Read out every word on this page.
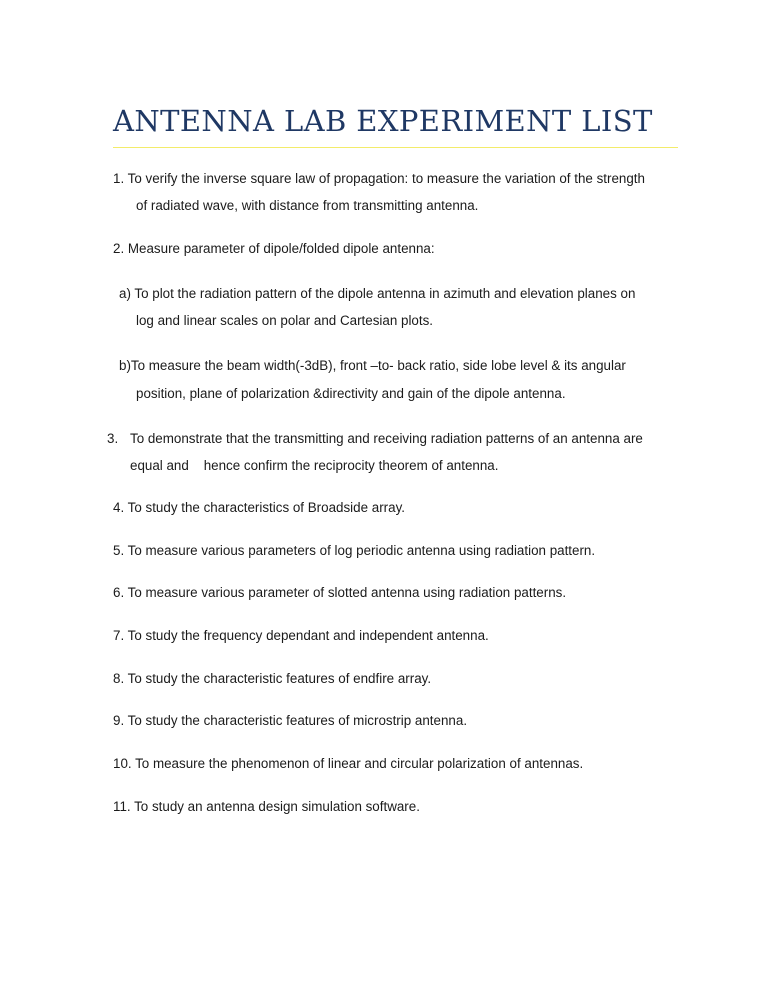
ANTENNA LAB EXPERIMENT LIST

1. To verify the inverse square law of propagation: to measure the variation of the strength

of radiated wave, with distance from transmitting antenna.

2. Measure parameter of dipole/folded dipole antenna:

a) To plot the radiation pattern of the dipole antenna in azimuth and elevation planes on

log and linear scales on polar and Cartesian plots.

b)To measure the beam width(-3dB), front –to- back ratio, side lobe level & its angular

position, plane of polarization &directivity and gain of the dipole antenna.

3. To demonstrate that the transmitting and receiving radiation patterns of an antenna are

equal and    hence confirm the reciprocity theorem of antenna.

4. To study the characteristics of Broadside array.

5. To measure various parameters of log periodic antenna using radiation pattern.

6. To measure various parameter of slotted antenna using radiation patterns.

7. To study the frequency dependant and independent antenna.

8. To study the characteristic features of endfire array.

9. To study the characteristic features of microstrip antenna.

10. To measure the phenomenon of linear and circular polarization of antennas.

11. To study an antenna design simulation software.
